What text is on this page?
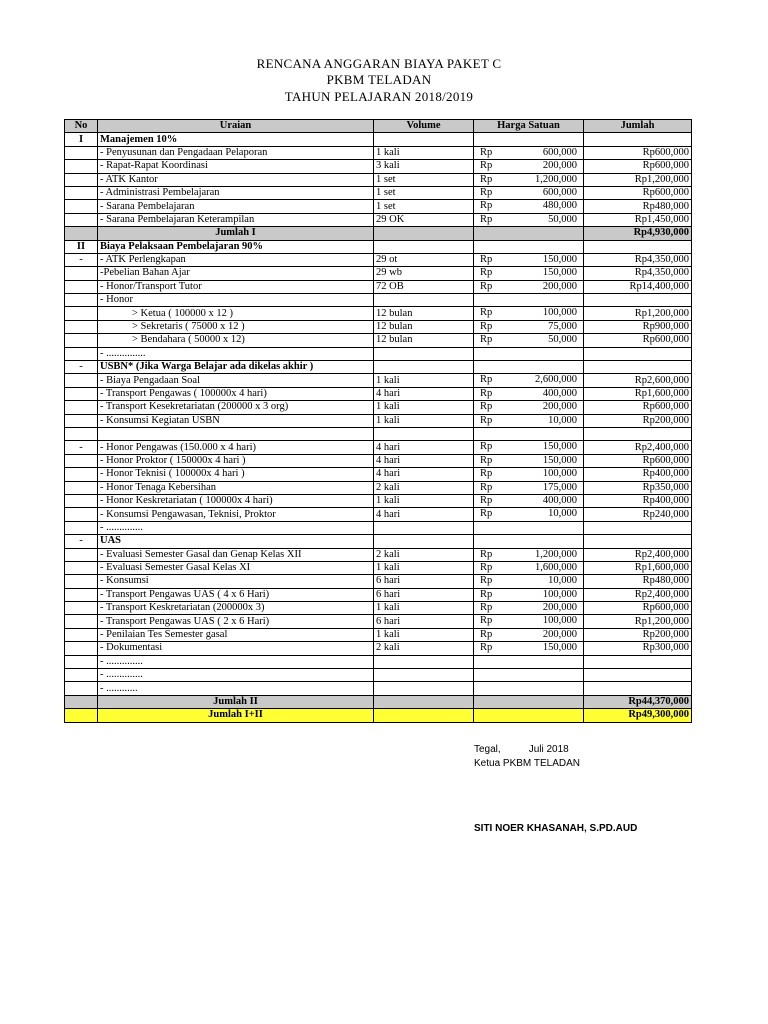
RENCANA ANGGARAN BIAYA PAKET C
PKBM TELADAN
TAHUN PELAJARAN 2018/2019
No	Uraian	Volume	Harga Satuan	Jumlah
I	Manajemen 10%		

	- Penyusunan dan Pengadaan Pelaporan	1 kali	Rp 600,000	Rp600,000
	- Rapat-Rapat Koordinasi	3 kali	Rp 200,000	Rp600,000
	- ATK Kantor	1 set	Rp 1,200,000	Rp1,200,000
	- Administrasi Pembelajaran	1 set	Rp 600,000	Rp600,000
	- Sarana Pembelajaran	1 set	Rp 480,000	Rp480,000
	- Sarana Pembelajaran Keterampilan	29 OK	Rp 50,000	Rp1,450,000
	Jumlah I			Rp4,930,000
II	Biaya Pelaksaan Pembelajaran 90%		

-	- ATK Perlengkapan	29 ot	Rp 150,000	Rp4,350,000
	-Pebelian Bahan Ajar	29 wb	Rp 150,000	Rp4,350,000
	- Honor/Transport Tutor	72 OB	Rp 200,000	Rp14,400,000
	- Honor		

	> Ketua ( 100000 x 12 )	12 bulan	Rp 100,000	Rp1,200,000
	> Sekretaris ( 75000 x 12 )	12 bulan	Rp 75,000	Rp900,000
	> Bendahara ( 50000 x 12)	12 bulan	Rp 50,000	Rp600,000
	- ...............		

-	USBN* (Jika Warga Belajar ada dikelas akhir )		

	- Biaya Pengadaan Soal	1 kali	Rp 2,600,000	Rp2,600,000
	- Transport Pengawas ( 100000x 4 hari)	4 hari	Rp 400,000	Rp1,600,000
	- Transport Kesekretariatan (200000 x 3 org)	1 kali	Rp 200,000	Rp600,000
	- Konsumsi Kegiatan USBN	1 kali	Rp 10,000	Rp200,000

-	- Honor Pengawas (150.000 x 4 hari)	4 hari	Rp 150,000	Rp2,400,000
	- Honor Proktor ( 150000x 4 hari )	4 hari	Rp 150,000	Rp600,000
	- Honor Teknisi ( 100000x 4 hari )	4 hari	Rp 100,000	Rp400,000
	- Honor Tenaga Kebersihan	2 kali	Rp 175,000	Rp350,000
	- Honor Keskretariatan ( 100000x 4 hari)	1 kali	Rp 400,000	Rp400,000
	- Konsumsi Pengawasan, Teknisi, Proktor	4 hari	Rp 10,000	Rp240,000
	- ..............		

-	UAS		

	- Evaluasi Semester Gasal dan Genap Kelas XII	2 kali	Rp 1,200,000	Rp2,400,000
	- Evaluasi Semester Gasal Kelas XI	1 kali	Rp 1,600,000	Rp1,600,000
	- Konsumsi	6 hari	Rp 10,000	Rp480,000
	- Transport Pengawas UAS ( 4 x 6 Hari)	6 hari	Rp 100,000	Rp2,400,000
	- Transport Keskretariatan (200000x 3)	1 kali	Rp 200,000	Rp600,000
	- Transport Pengawas UAS ( 2 x 6 Hari)	6 hari	Rp 100,000	Rp1,200,000
	- Penilaian Tes Semester gasal	1 kali	Rp 200,000	Rp200,000
	- Dokumentasi	2 kali	Rp 150,000	Rp300,000
	- ..............		

	- ..............		

	- ............		

	Jumlah II			Rp44,370,000
	Jumlah I+II			Rp49,300,000
Tegal,	Juli 2018
Ketua PKBM TELADAN
SITI NOER KHASANAH, S.PD.AUD
